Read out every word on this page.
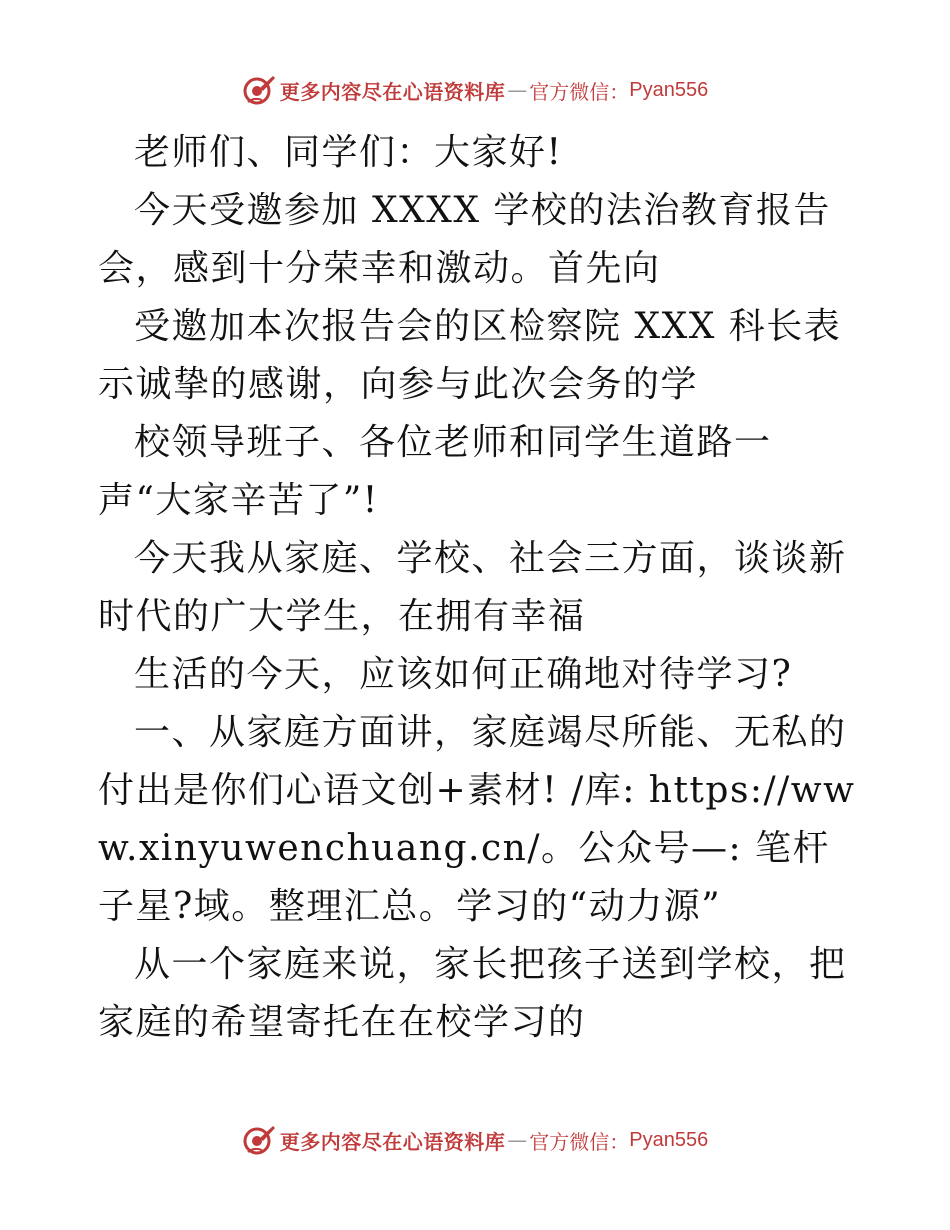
更多内容尽在心语资料库 — 官方微信： Pyan556

老师们、同学们：大家好!

今天受邀参加 XXXX 学校的法治教育报告会，感到十分荣幸和激动。首先向

受邀加本次报告会的区检察院 XXX 科长表示诚挚的感谢，向参与此次会务的学

校领导班子、各位老师和同学生道路一声“大家辛苦了”!

今天我从家庭、学校、社会三方面，谈谈新时代的广大学生，在拥有幸福

生活的今天，应该如何正确地对待学习?

一、从家庭方面讲，家庭竭尽所能、无私的付出是你们心语文创+素材! /库: https://www.xinyuwenchuang.cn/。公众号—: 笔杆子星?域。整理汇总。学习的“动力源”

从一个家庭来说，家长把孩子送到学校，把家庭的希望寄托在在校学习的

更多内容尽在心语资料库 — 官方微信： Pyan556
